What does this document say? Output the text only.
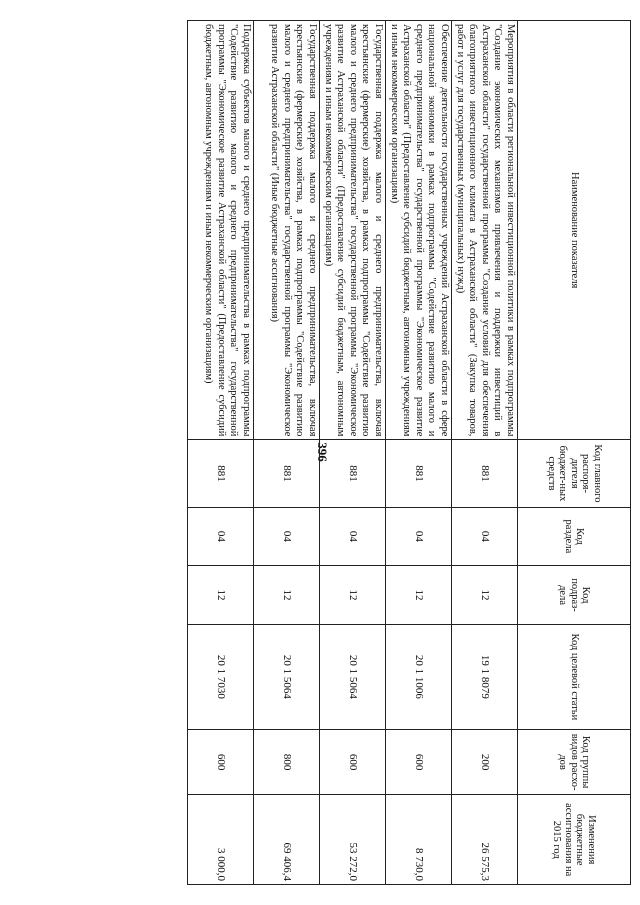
396
Наименование показателя	Код главного распоря-дителя бюджет-ных средств	Код раздела	Код подраз-дела	Код целевой статьи	Код группы видов расхо-дов	Изменения бюджетные ассигнования на 2015 год
Мероприятия в области региональной инвестиционной политики в рамках подпрограммы "Создание экономических механизмов привлечения и поддержки инвестиций в Астраханской области" государственной программы "Создание условий для обеспечения благоприятного инвестиционного климата в Астраханской области" (Закупка товаров, работ и услуг для государственных (муниципальных) нужд)	881	04	12	19 1 8079	200	26 575,3
Обеспечение деятельности государственных учреждений Астраханской области в сфере национальной экономики в рамках подпрограммы "Содействие развитию малого и среднего предпринимательства" государственной программы "Экономическое развитие Астраханской области" (Предоставление субсидий бюджетным, автономным учреждениям и иным некоммерческим организациям)	881	04	12	20 1 1006	600	8 730,0
Государственная поддержка малого и среднего предпринимательства, включая крестьянские (фермерские) хозяйства, в рамках подпрограммы "Содействие развитию малого и среднего предпринимательства" государственной программы "Экономическое развитие Астраханской области" (Предоставление субсидий бюджетным, автономным учреждениям и иным некоммерческим организациям)	881	04	12	20 1 5064	600	53 272,0
Государственная поддержка малого и среднего предпринимательства, включая крестьянские (фермерские) хозяйства, в рамках подпрограммы "Содействие развитию малого и среднего предпринимательства" государственной программы "Экономическое развитие Астраханской области" (Иные бюджетные ассигнования)	881	04	12	20 1 5064	800	69 406,4
Поддержка субъектов малого и среднего предпринимательства в рамках подпрограммы "Содействие развитию малого и среднего предпринимательства" государственной программы "Экономическое развитие Астраханской области" (Предоставление субсидий бюджетным, автономным учреждениям и иным некоммерческим организациям)	881	04	12	20 1 7030	600	3 000,0
